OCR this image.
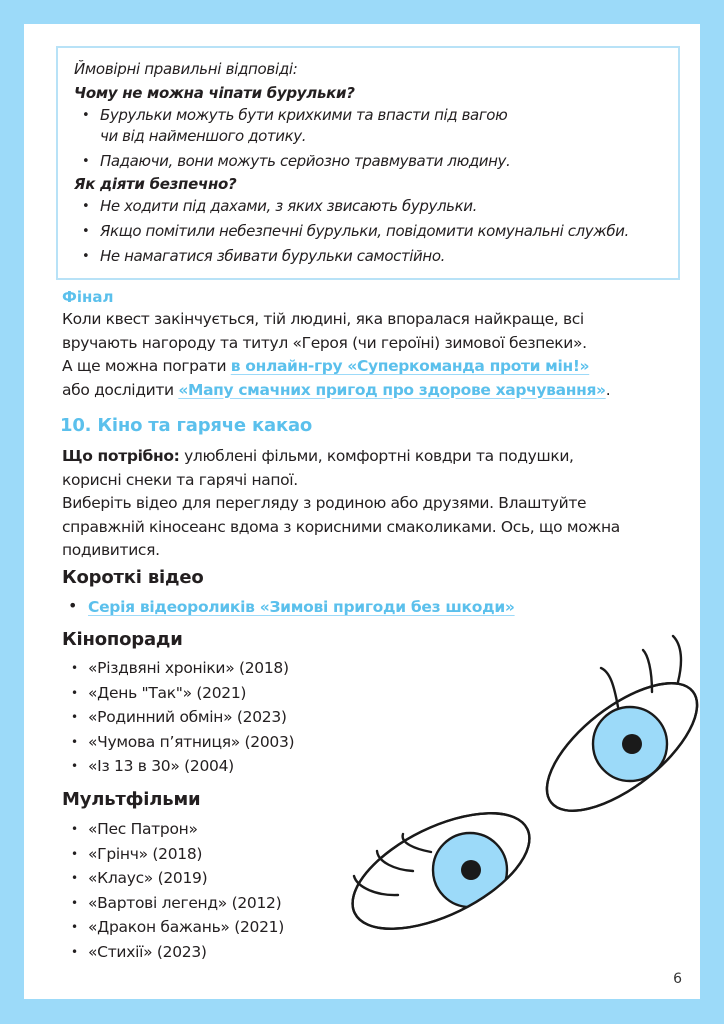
Ймовірні правильні відповіді:
Чому не можна чіпати бурульки?
• Бурульки можуть бути крихкими та впасти під вагою
чи від найменшого дотику.
• Падаючи, вони можуть серйозно травмувати людину.
Як діяти безпечно?
• Не ходити під дахами, з яких звисають бурульки.
• Якщо помітили небезпечні бурульки, повідомити комунальні служби.
• Не намагатися збивати бурульки самостійно.
Фінал
Коли квест закінчується, тій людині, яка впоралася найкраще, всі
вручають нагороду та титул «Героя (чи героїні) зимової безпеки».
А ще можна пограти в онлайн-гру «Суперкоманда проти мін!»
або дослідити «Мапу смачних пригод про здорове харчування».
10. Кіно та гаряче какао
Що потрібно: улюблені фільми, комфортні ковдри та подушки,
корисні снеки та гарячі напої.
Виберіть відео для перегляду з родиною або друзями. Влаштуйте
справжній кіносеанс вдома з корисними смаколиками. Ось, що можна
подивитися.
Короткі відео
• Серія відеороликів «Зимові пригоди без шкоди»
Кінопоради
• «Різдвяні хроніки» (2018)
• «День "Так"» (2021)
• «Родинний обмін» (2023)
• «Чумова п’ятниця» (2003)
• «Із 13 в 30» (2004)
Мультфільми
• «Пес Патрон»
• «Грінч» (2018)
• «Клаус» (2019)
• «Вартові легенд» (2012)
• «Дракон бажань» (2021)
• «Стихії» (2023)
6
